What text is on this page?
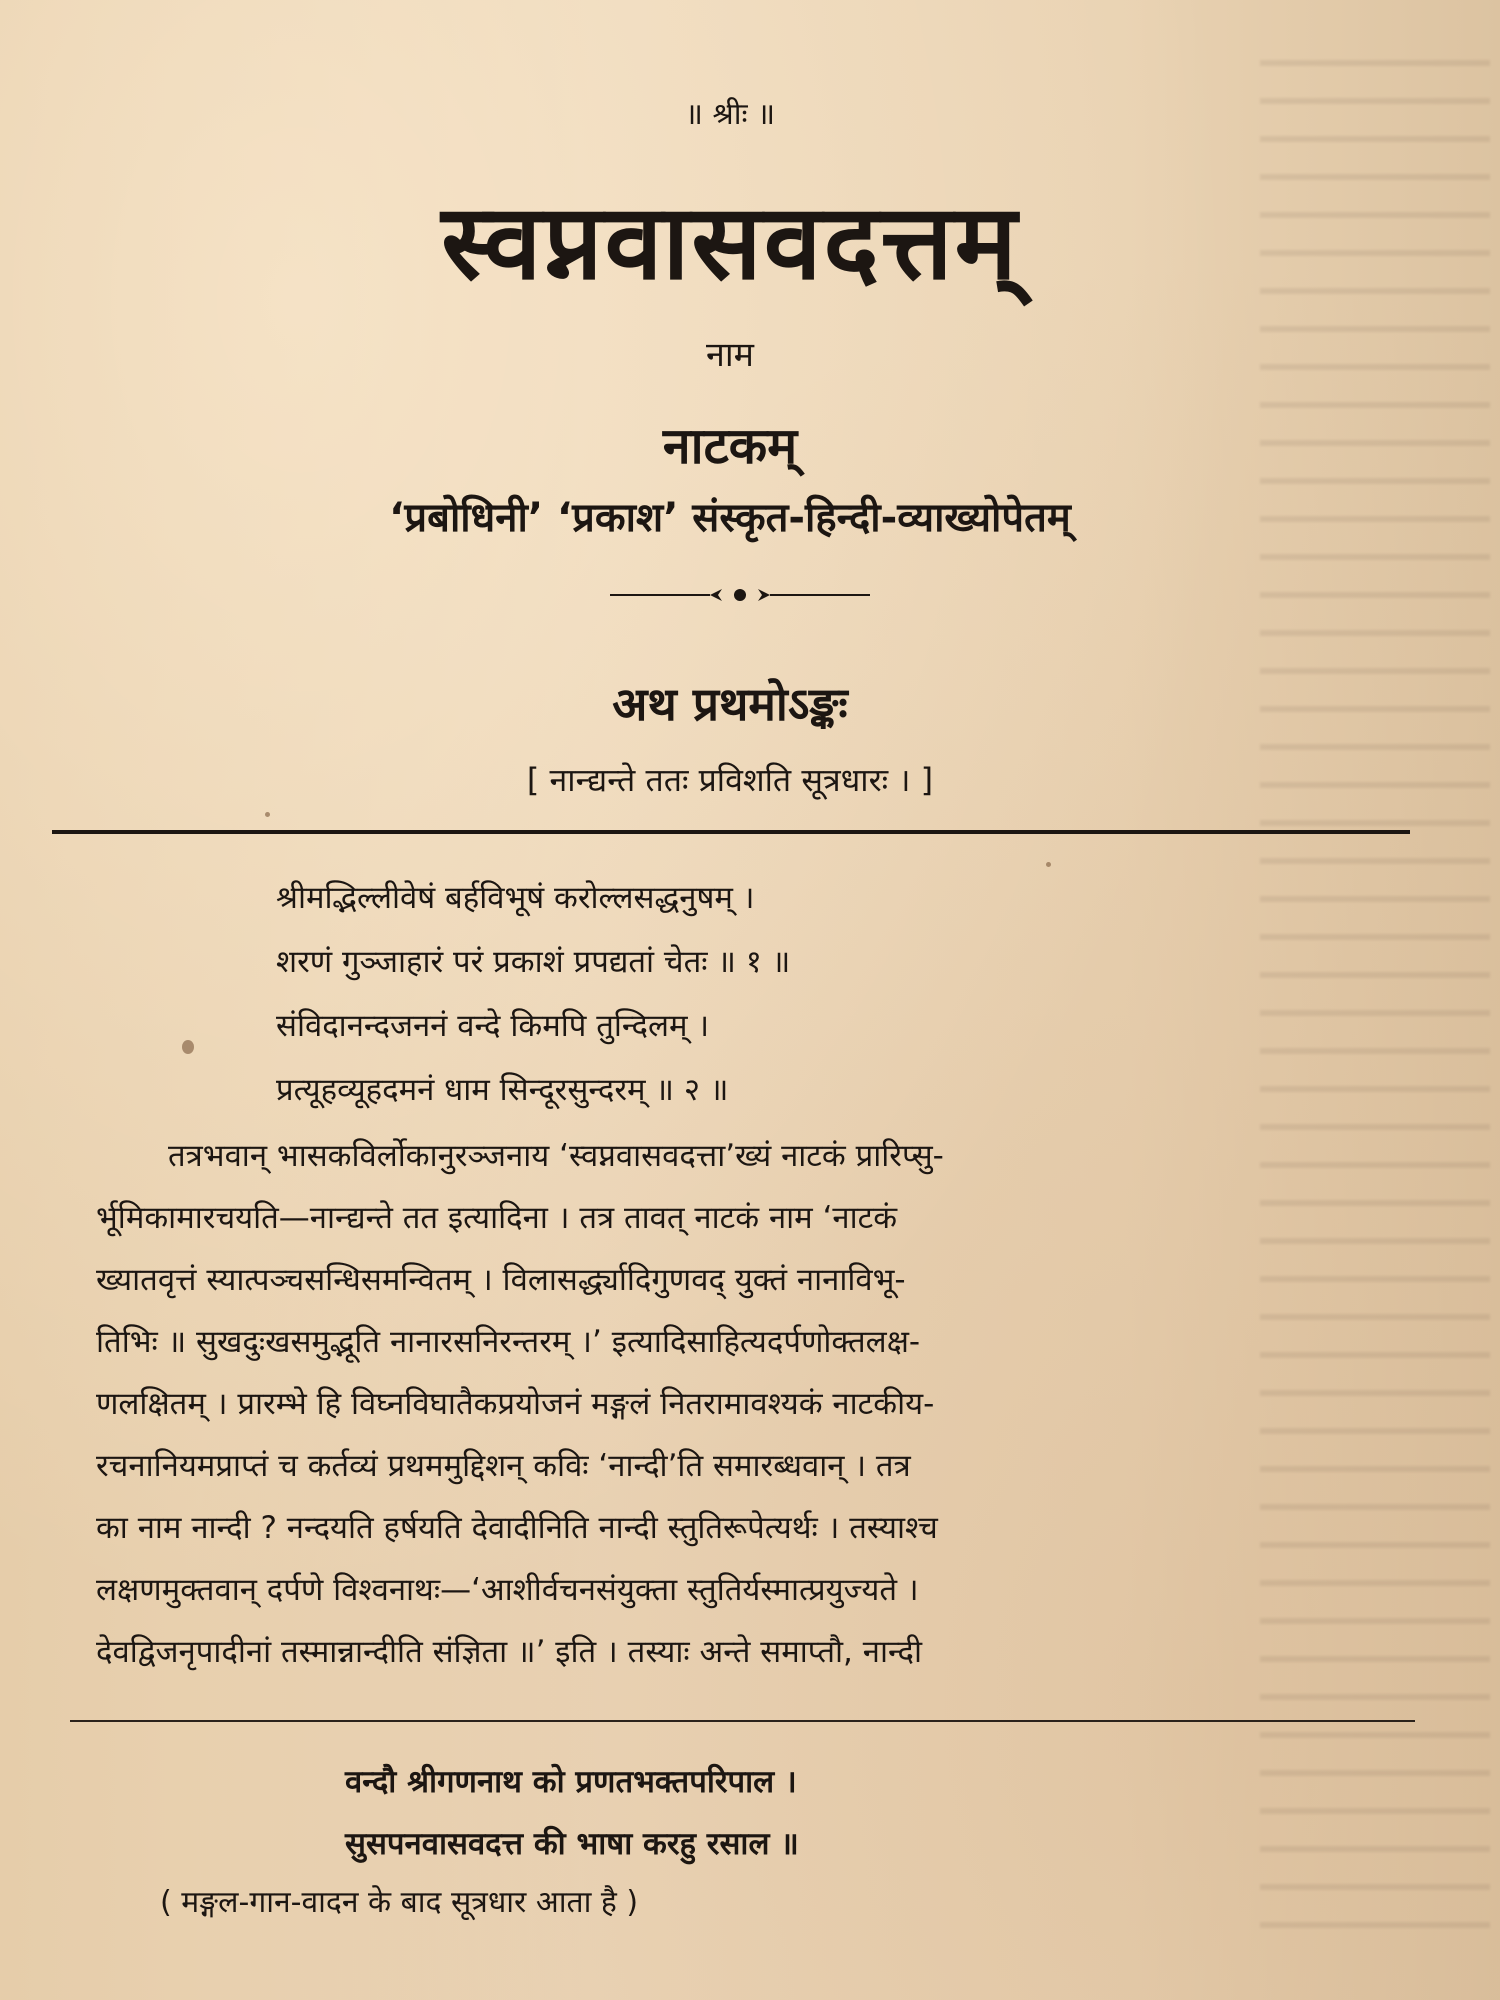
॥ श्रीः ॥
स्वप्नवासवदत्तम्
नाम
नाटकम्
‘प्रबोधिनी’ ‘प्रकाश’ संस्कृत-हिन्दी-व्याख्योपेतम्
अथ प्रथमोऽङ्कः
[ नान्द्यन्ते ततः प्रविशति सूत्रधारः । ]
श्रीमद्भिल्लीवेषं बर्हविभूषं करोल्लसद्धनुषम् ।
शरणं गुञ्जाहारं परं प्रकाशं प्रपद्यतां चेतः ॥ १ ॥
संविदानन्दजननं वन्दे किमपि तुन्दिलम् ।
प्रत्यूहव्यूहदमनं धाम सिन्दूरसुन्दरम् ॥ २ ॥
तत्रभवान् भासकविर्लोकानुरञ्जनाय ‘स्वप्नवासवदत्ता’ख्यं नाटकं प्रारिप्सु-
र्भूमिकामारचयति—नान्द्यन्ते तत इत्यादिना । तत्र तावत् नाटकं नाम ‘नाटकं
ख्यातवृत्तं स्यात्पञ्चसन्धिसमन्वितम् । विलासर्द्ध्यादिगुणवद् युक्तं नानाविभू-
तिभिः ॥ सुखदुःखसमुद्भूति नानारसनिरन्तरम् ।’ इत्यादिसाहित्यदर्पणोक्तलक्ष-
णलक्षितम् । प्रारम्भे हि विघ्नविघातैकप्रयोजनं मङ्गलं नितरामावश्यकं नाटकीय-
रचनानियमप्राप्तं च कर्तव्यं प्रथममुद्दिशन् कविः ‘नान्दी’ति समारब्धवान् । तत्र
का नाम नान्दी ? नन्दयति हर्षयति देवादीनिति नान्दी स्तुतिरूपेत्यर्थः । तस्याश्च
लक्षणमुक्तवान् दर्पणे विश्वनाथः—‘आशीर्वचनसंयुक्ता स्तुतिर्यस्मात्प्रयुज्यते ।
देवद्विजनृपादीनां तस्मान्नान्दीति संज्ञिता ॥’ इति । तस्याः अन्ते समाप्तौ, नान्दी
वन्दौ श्रीगणनाथ को प्रणतभक्तपरिपाल ।
सुसपनवासवदत्त की भाषा करहु रसाल ॥
( मङ्गल-गान-वादन के बाद सूत्रधार आता है )
